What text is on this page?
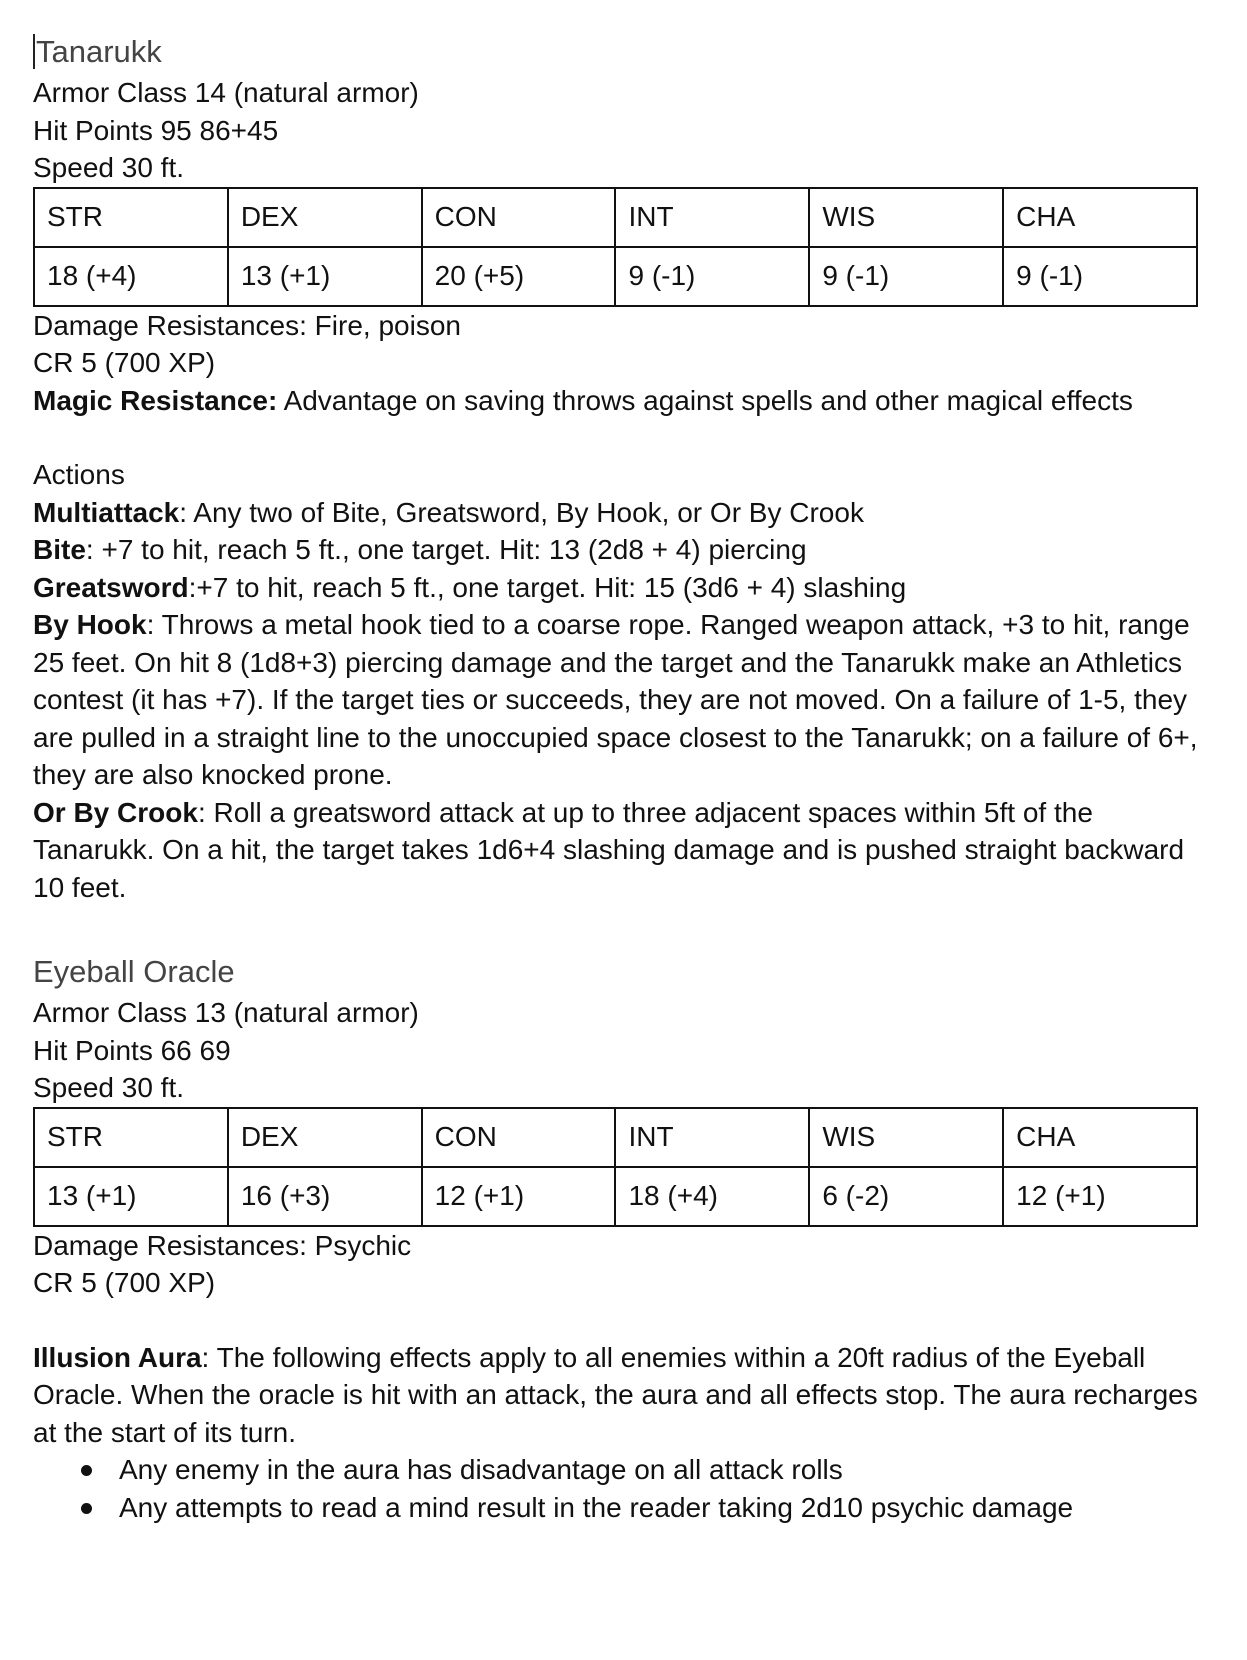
Tanarukk
Armor Class 14 (natural armor)
Hit Points 95 86+45
Speed 30 ft.
STR	DEX	CON	INT	WIS	CHA
18 (+4)	13 (+1)	20 (+5)	9 (-1)	9 (-1)	9 (-1)
Damage Resistances: Fire, poison
CR 5 (700 XP)
Magic Resistance: Advantage on saving throws against spells and other magical effects
Actions
Multiattack: Any two of Bite, Greatsword, By Hook, or Or By Crook
Bite: +7 to hit, reach 5 ft., one target. Hit: 13 (2d8 + 4) piercing
Greatsword:+7 to hit, reach 5 ft., one target. Hit: 15 (3d6 + 4) slashing
By Hook: Throws a metal hook tied to a coarse rope. Ranged weapon attack, +3 to hit, range 25 feet. On hit 8 (1d8+3) piercing damage and the target and the Tanarukk make an Athletics contest (it has +7). If the target ties or succeeds, they are not moved. On a failure of 1-5, they are pulled in a straight line to the unoccupied space closest to the Tanarukk; on a failure of 6+, they are also knocked prone.
Or By Crook: Roll a greatsword attack at up to three adjacent spaces within 5ft of the Tanarukk. On a hit, the target takes 1d6+4 slashing damage and is pushed straight backward 10 feet.
Eyeball Oracle
Armor Class 13 (natural armor)
Hit Points 66 69
Speed 30 ft.
STR	DEX	CON	INT	WIS	CHA
13 (+1)	16 (+3)	12 (+1)	18 (+4)	6 (-2)	12 (+1)
Damage Resistances: Psychic
CR 5 (700 XP)
Illusion Aura: The following effects apply to all enemies within a 20ft radius of the Eyeball Oracle. When the oracle is hit with an attack, the aura and all effects stop. The aura recharges at the start of its turn.
Any enemy in the aura has disadvantage on all attack rolls
Any attempts to read a mind result in the reader taking 2d10 psychic damage
